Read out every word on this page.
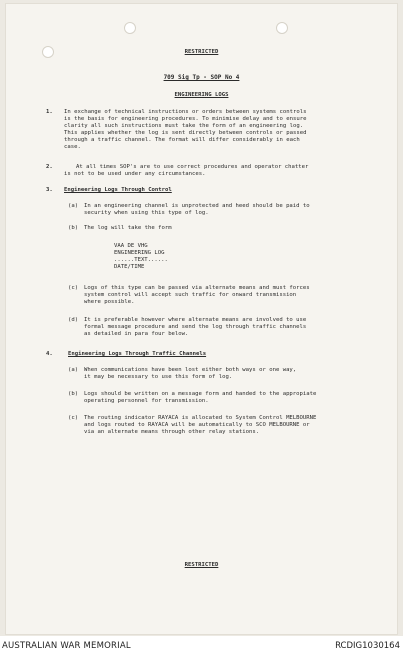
RESTRICTED
709 Sig Tp - SOP No 4
ENGINEERING LOGS
1. In exchange of technical instructions or orders between systems controls
is the basis for engineering procedures. To minimise delay and to ensure
clarity all such instructions must take the form of an engineering log.
This applies whether the log is sent directly between controls or passed
through a traffic channel. The format will differ considerably in each
case.
2.	At all times SOP's are to use correct procedures and operator chatter
is not to be used under any circumstances.
3. Engineering Logs Through Control
(a) In an engineering channel is unprotected and heed should be paid to
security when using this type of log.
(b) The log will take the form
VAA DE VHG
ENGINEERING LOG
......TEXT......
DATE/TIME
(c) Logs of this type can be passed via alternate means and must forces
system control will accept such traffic for onward transmission
where possible.
(d) It is preferable however where alternate means are involved to use
formal message procedure and send the log through traffic channels
as detailed in para four below.
4.	Engineering Logs Through Traffic Channels
(a) When communications have been lost either both ways or one way,
it may be necessary to use this form of log.
(b) Logs should be written on a message form and handed to the appropiate
operating personnel for transmission.
(c) The routing indicator RAYACA is allocated to System Control MELBOURNE
and logs routed to RAYACA will be automatically to SCO MELBOURNE or
via an alternate means through other relay stations.
RESTRICTED
AUSTRALIAN WAR MEMORIAL	RCDIG1030164
